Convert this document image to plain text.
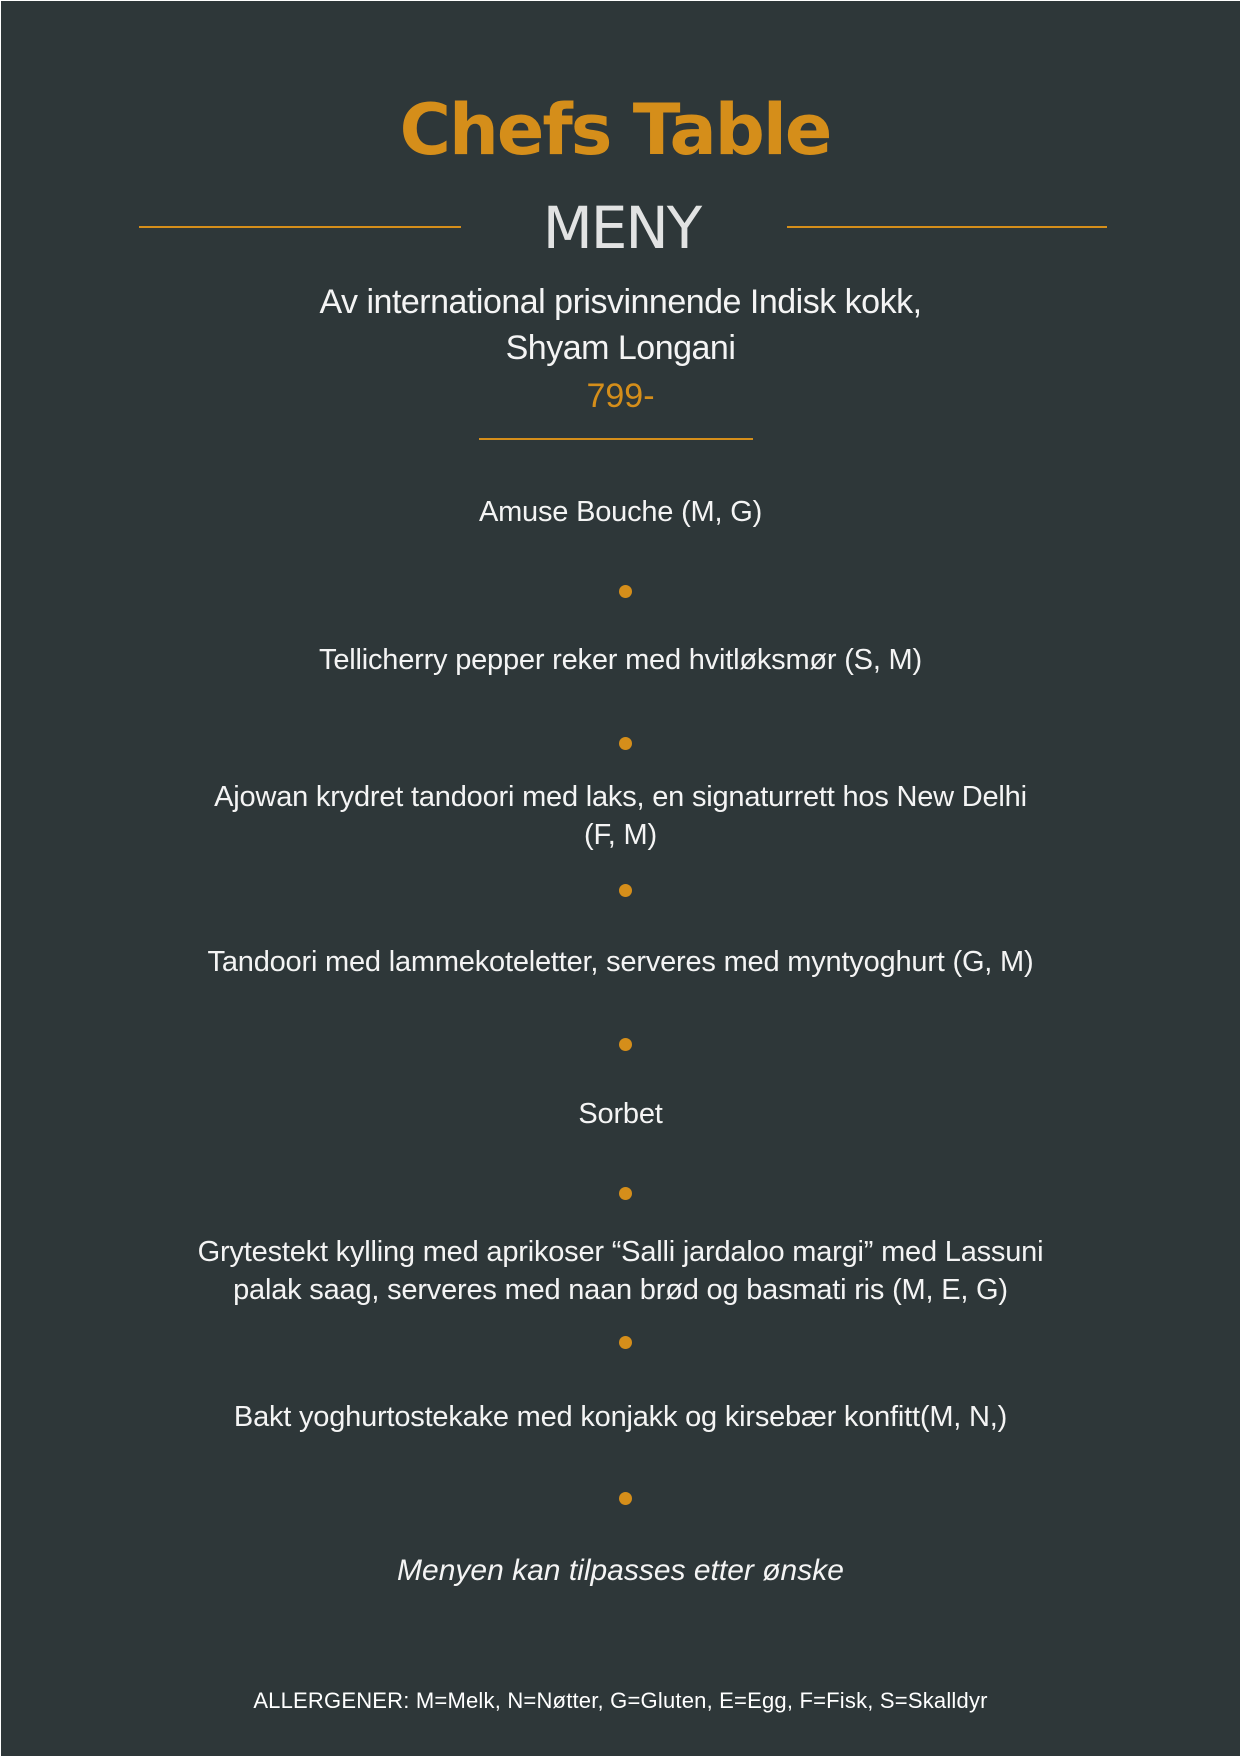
Chefs Table
MENY
Av international prisvinnende Indisk kokk,
Shyam Longani
799-
Amuse Bouche (M, G)
Tellicherry pepper reker med hvitløksmør (S, M)
Ajowan krydret tandoori med laks, en signaturrett hos New Delhi
(F, M)
Tandoori med lammekoteletter, serveres med myntyoghurt (G, M)
Sorbet
Grytestekt kylling med aprikoser “Salli jardaloo margi” med Lassuni
palak saag, serveres med naan brød og basmati ris (M, E, G)
Bakt yoghurtostekake med konjakk og kirsebær konfitt(M, N,)
Menyen kan tilpasses etter ønske
ALLERGENER: M=Melk, N=Nøtter, G=Gluten, E=Egg, F=Fisk, S=Skalldyr
